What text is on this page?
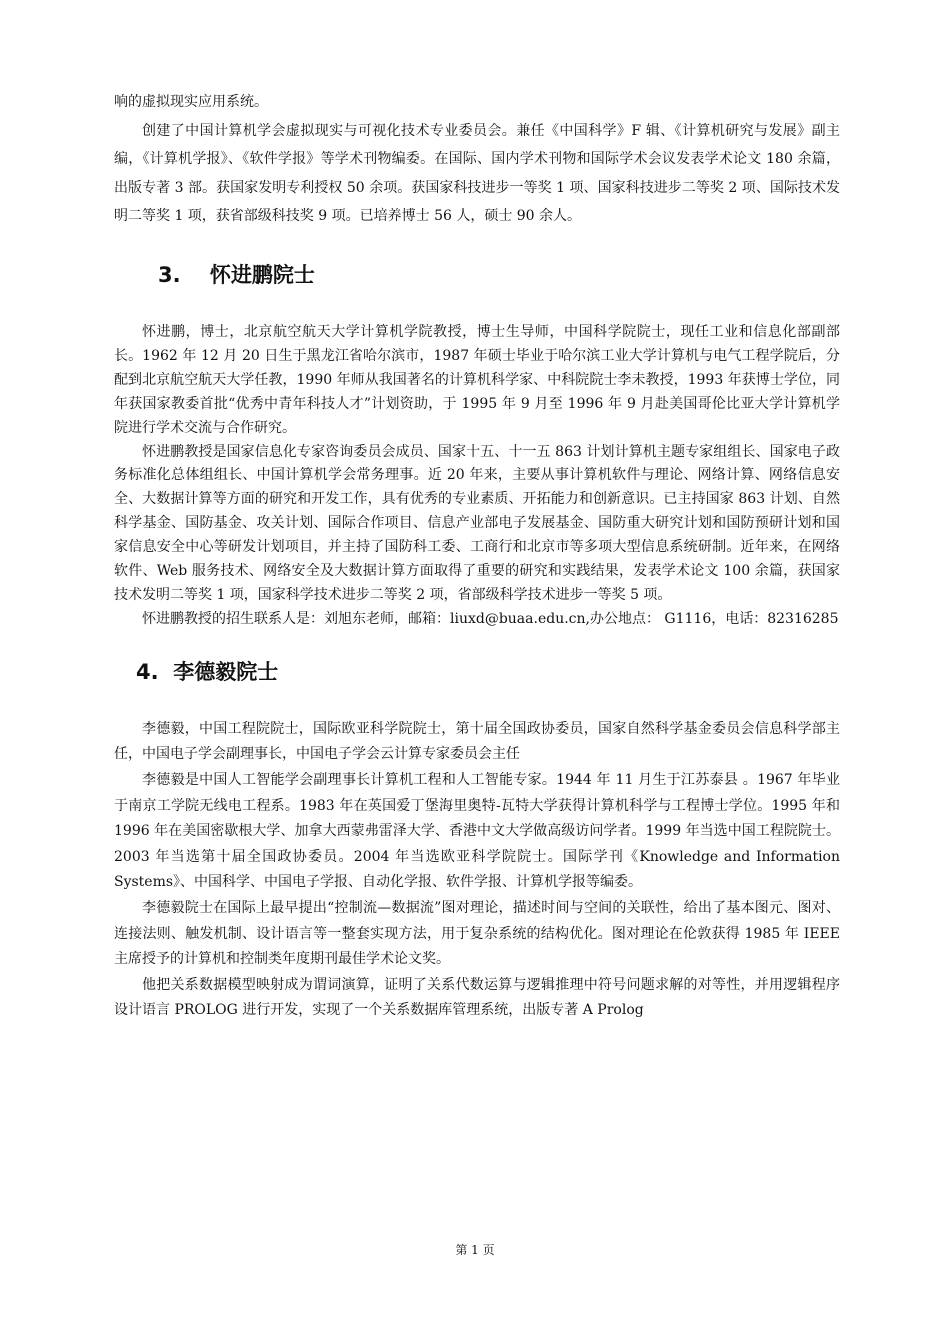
响的虚拟现实应用系统。

创建了中国计算机学会虚拟现实与可视化技术专业委员会。兼任《中国科学》F 辑、《计算机研究与发展》副主编，《计算机学报》、《软件学报》等学术刊物编委。在国际、国内学术刊物和国际学术会议发表学术论文 180 余篇，出版专著 3 部。获国家发明专利授权 50 余项。获国家科技进步一等奖 1 项、国家科技进步二等奖 2 项、国际技术发明二等奖 1 项，获省部级科技奖 9 项。已培养博士 56 人，硕士 90 余人。

3.    怀进鹏院士

怀进鹏，博士，北京航空航天大学计算机学院教授，博士生导师，中国科学院院士，现任工业和信息化部副部长。1962 年 12 月 20 日生于黑龙江省哈尔滨市，1987 年硕士毕业于哈尔滨工业大学计算机与电气工程学院后，分配到北京航空航天大学任教，1990 年师从我国著名的计算机科学家、中科院院士李未教授，1993 年获博士学位，同年获国家教委首批“优秀中青年科技人才”计划资助，于 1995 年 9 月至 1996 年 9 月赴美国哥伦比亚大学计算机学院进行学术交流与合作研究。

怀进鹏教授是国家信息化专家咨询委员会成员、国家十五、十一五 863 计划计算机主题专家组组长、国家电子政务标准化总体组组长、中国计算机学会常务理事。近 20 年来，主要从事计算机软件与理论、网络计算、网络信息安全、大数据计算等方面的研究和开发工作，具有优秀的专业素质、开拓能力和创新意识。已主持国家 863 计划、自然科学基金、国防基金、攻关计划、国际合作项目、信息产业部电子发展基金、国防重大研究计划和国防预研计划和国家信息安全中心等研发计划项目，并主持了国防科工委、工商行和北京市等多项大型信息系统研制。近年来，在网络软件、Web 服务技术、网络安全及大数据计算方面取得了重要的研究和实践结果，发表学术论文 100 余篇，获国家技术发明二等奖 1 项，国家科学技术进步二等奖 2 项，省部级科学技术进步一等奖 5 项。

怀进鹏教授的招生联系人是：刘旭东老师，邮箱：liuxd@buaa.edu.cn,办公地点： G1116，电话：82316285

4.  李德毅院士

李德毅，中国工程院院士，国际欧亚科学院院士，第十届全国政协委员，国家自然科学基金委员会信息科学部主任，中国电子学会副理事长，中国电子学会云计算专家委员会主任

李德毅是中国人工智能学会副理事长计算机工程和人工智能专家。1944 年 11 月生于江苏泰县 。1967 年毕业于南京工学院无线电工程系。1983 年在英国爱丁堡海里奥特-瓦特大学获得计算机科学与工程博士学位。1995 年和 1996 年在美国密歇根大学、加拿大西蒙弗雷泽大学、香港中文大学做高级访问学者。1999 年当选中国工程院院士。2003 年当选第十届全国政协委员。2004 年当选欧亚科学院院士。国际学刊《Knowledge and Information Systems》、中国科学、中国电子学报、自动化学报、软件学报、计算机学报等编委。

李德毅院士在国际上最早提出“控制流—数据流”图对理论，描述时间与空间的关联性，给出了基本图元、图对、连接法则、触发机制、设计语言等一整套实现方法，用于复杂系统的结构优化。图对理论在伦敦获得 1985 年 IEEE 主席授予的计算机和控制类年度期刊最佳学术论文奖。

他把关系数据模型映射成为谓词演算，证明了关系代数运算与逻辑推理中符号问题求解的对等性，并用逻辑程序设计语言 PROLOG 进行开发，实现了一个关系数据库管理系统，出版专著 A Prolog

第 1 页
